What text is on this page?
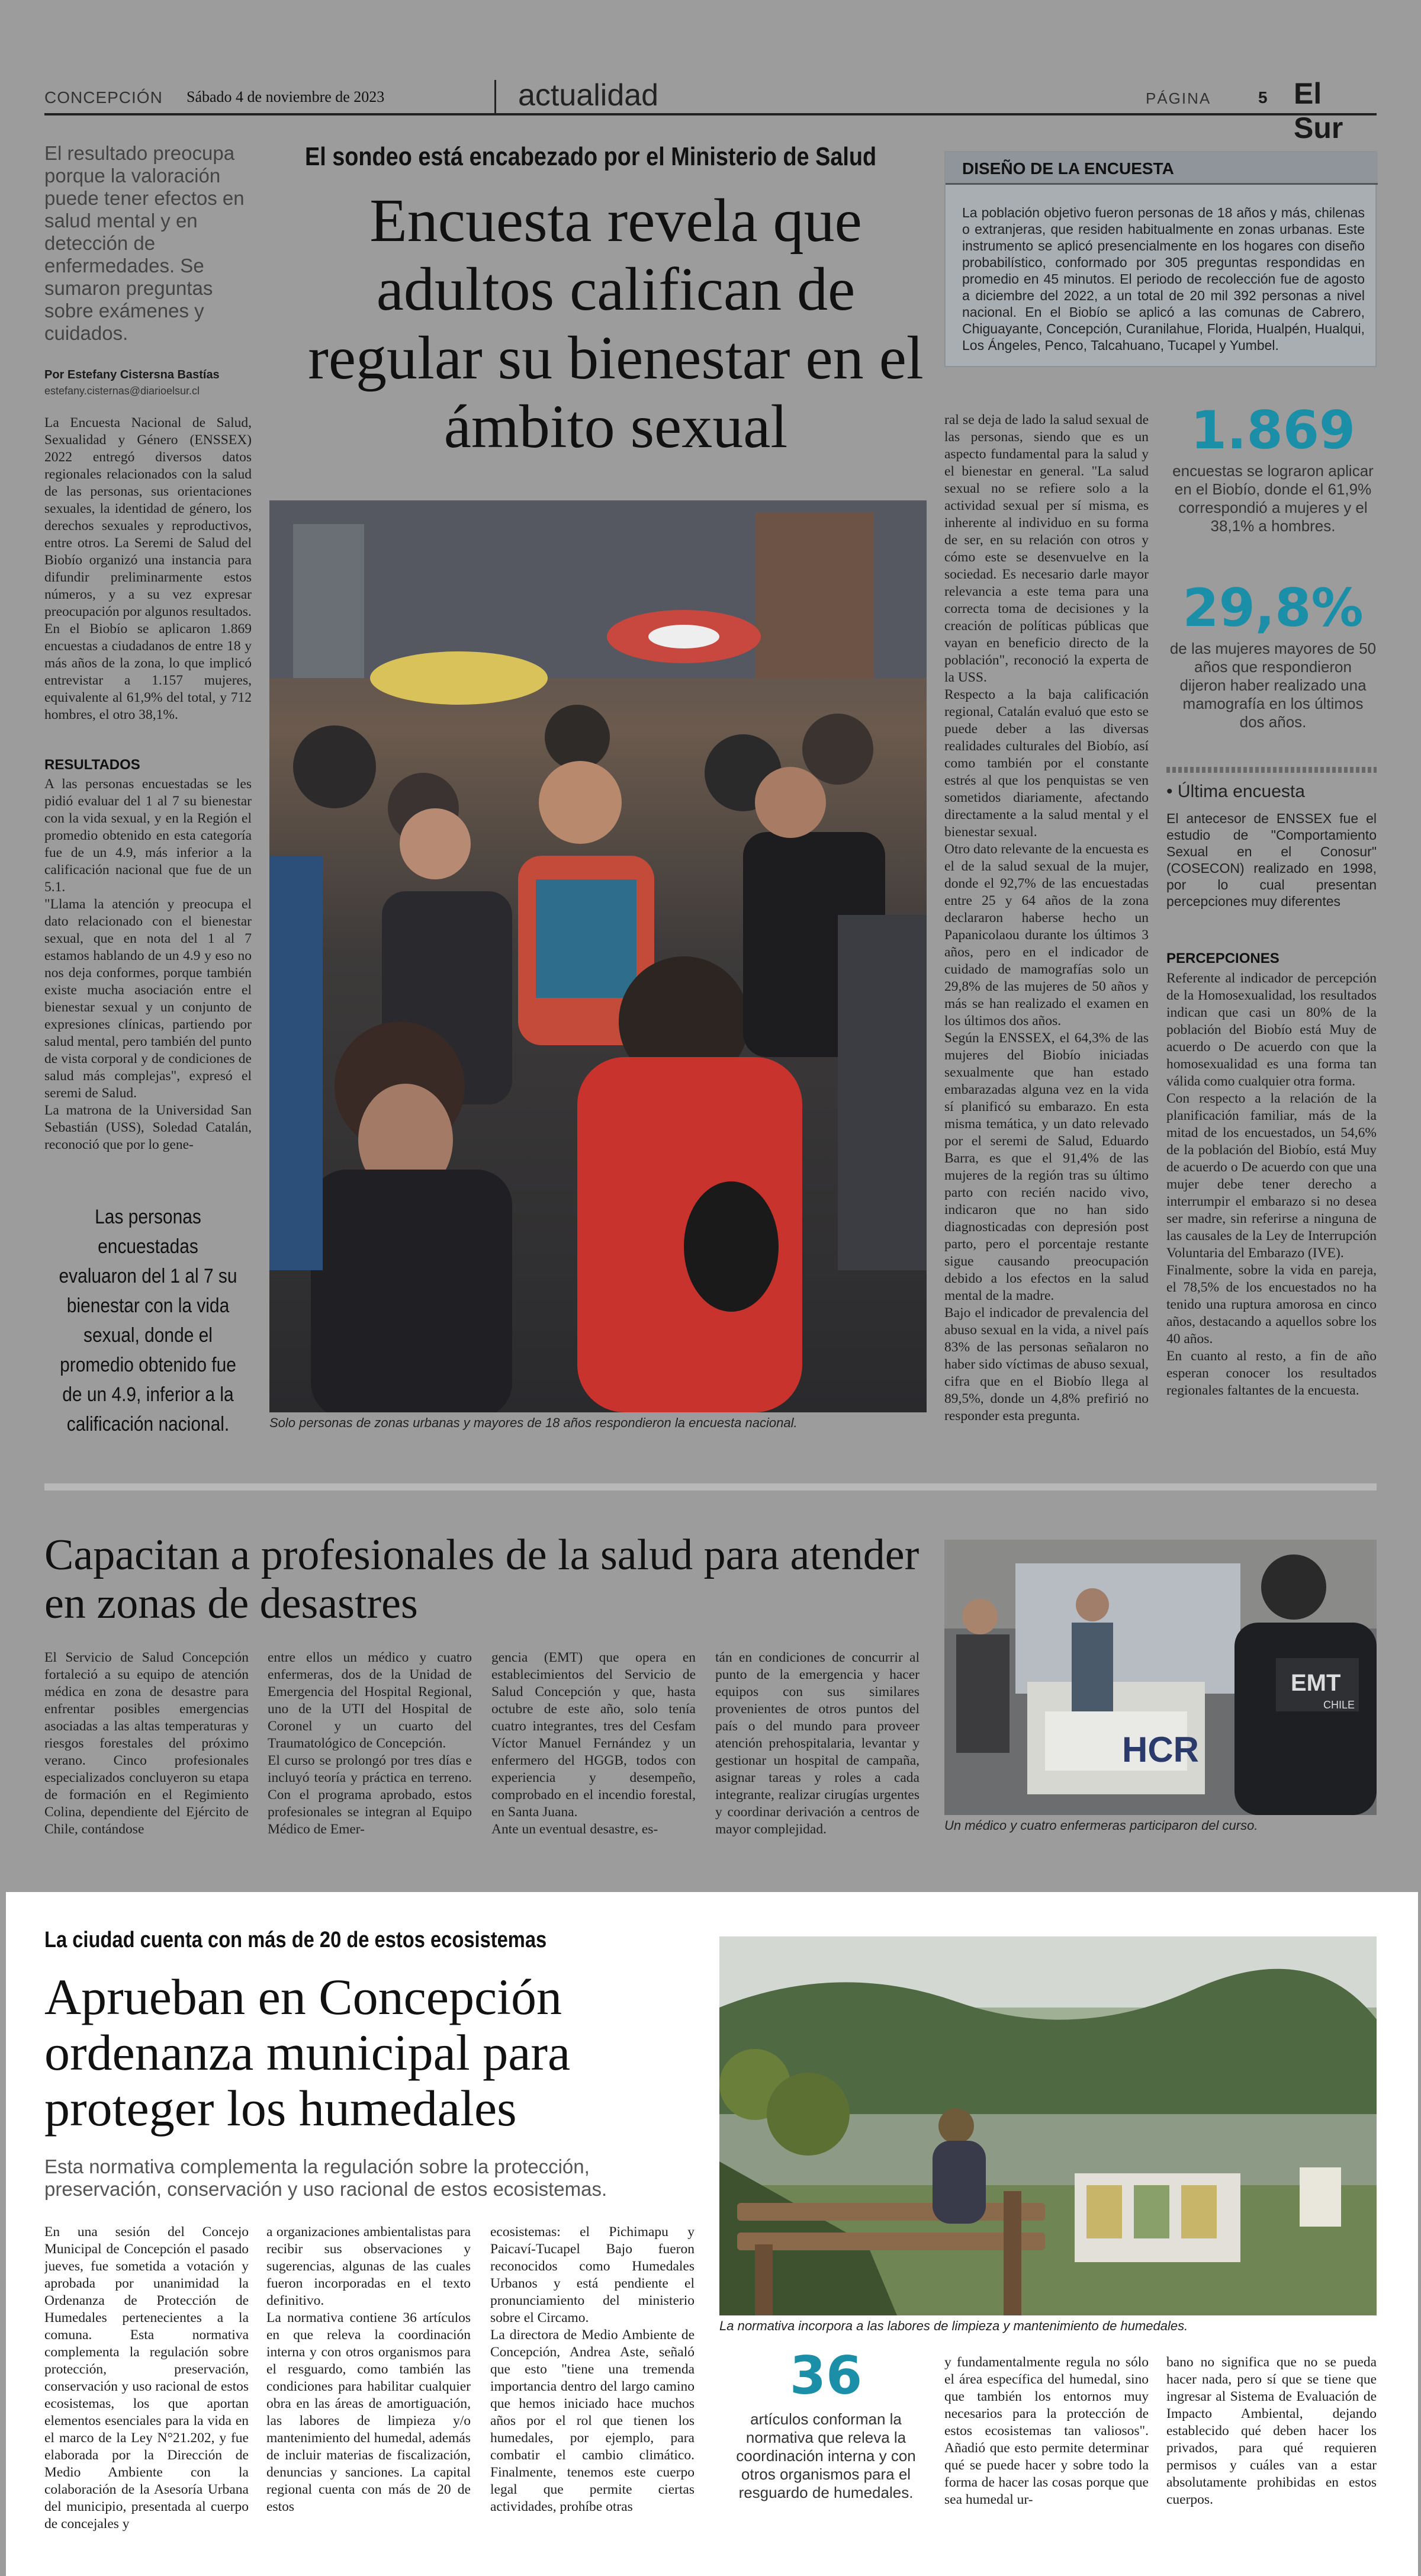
CONCEPCIÓN Sábado 4 de noviembre de 2023	actualidad	PÁGINA	5 El Sur
El resultado preocupa porque la valoración puede tener efectos en salud mental y en detección de enfermedades. Se sumaron preguntas sobre exámenes y cuidados.
El sondeo está encabezado por el Ministerio de Salud
Encuesta revela que adultos califican de regular su bienestar en el ámbito sexual
Por Estefany Cistersna Bastías
estefany.cisternas@diarioelsur.cl
La Encuesta Nacional de Salud, Sexualidad y Género (ENSSEX) 2022 entregó diversos datos regionales relacionados con la salud de las personas, sus orientaciones sexuales, la identidad de género, los derechos sexuales y reproductivos, entre otros. La Seremi de Salud del Biobío organizó una instancia para difundir preliminarmente estos números, y a su vez expresar preocupación por algunos resultados.
En el Biobío se aplicaron 1.869 encuestas a ciudadanos de entre 18 y más años de la zona, lo que implicó entrevistar a 1.157 mujeres, equivalente al 61,9% del total, y 712 hombres, el otro 38,1%.
RESULTADOS
A las personas encuestadas se les pidió evaluar del 1 al 7 su bienestar con la vida sexual, y en la Región el promedio obtenido en esta categoría fue de un 4.9, más inferior a la calificación nacional que fue de un 5.1.
"Llama la atención y preocupa el dato relacionado con el bienestar sexual, que en nota del 1 al 7 estamos hablando de un 4.9 y eso no nos deja conformes, porque también existe mucha asociación entre el bienestar sexual y un conjunto de expresiones clínicas, partiendo por salud mental, pero también del punto de vista corporal y de condiciones de salud más complejas", expresó el seremi de Salud.
La matrona de la Universidad San Sebastián (USS), Soledad Catalán, reconoció que por lo gene-
Las personas encuestadas evaluaron del 1 al 7 su bienestar con la vida sexual, donde el promedio obtenido fue de un 4.9, inferior a la calificación nacional.	Solo personas de zonas urbanas y mayores de 18 años respondieron la encuesta nacional.
ral se deja de lado la salud sexual de las personas, siendo que es un aspecto fundamental para la salud y el bienestar en general. "La salud sexual no se refiere solo a la actividad sexual per sí misma, es inherente al individuo en su forma de ser, en su relación con otros y cómo este se desenvuelve en la sociedad. Es necesario darle mayor relevancia a este tema para una correcta toma de decisiones y la creación de políticas públicas que vayan en beneficio directo de la población", reconoció la experta de la USS.
Respecto a la baja calificación regional, Catalán evaluó que esto se puede deber a las diversas realidades culturales del Biobío, así como también por el constante estrés al que los penquistas se ven sometidos diariamente, afectando directamente a la salud mental y el bienestar sexual.
Otro dato relevante de la encuesta es el de la salud sexual de la mujer, donde el 92,7% de las encuestadas entre 25 y 64 años de la zona declararon haberse hecho un Papanicolaou durante los últimos 3 años, pero en el indicador de cuidado de mamografías solo un 29,8% de las mujeres de 50 años y más se han realizado el examen en los últimos dos años.
Según la ENSSEX, el 64,3% de las mujeres del Biobío iniciadas sexualmente que han estado embarazadas alguna vez en la vida sí planificó su embarazo. En esta misma temática, y un dato relevado por el seremi de Salud, Eduardo Barra, es que el 91,4% de las mujeres de la región tras su último parto con recién nacido vivo, indicaron que no han sido diagnosticadas con depresión post parto, pero el porcentaje restante sigue causando preocupación debido a los efectos en la salud mental de la madre.
Bajo el indicador de prevalencia del abuso sexual en la vida, a nivel país 83% de las personas señalaron no haber sido víctimas de abuso sexual, cifra que en el Biobío llega al 89,5%, donde un 4,8% prefirió no responder esta pregunta.
DISEÑO DE LA ENCUESTA
La población objetivo fueron personas de 18 años y más, chilenas o extranjeras, que residen habitualmente en zonas urbanas. Este instrumento se aplicó presencialmente en los hogares con diseño probabilístico, conformado por 305 preguntas respondidas en promedio en 45 minutos. El periodo de recolección fue de agosto a diciembre del 2022, a un total de 20 mil 392 personas a nivel nacional. En el Biobío se aplicó a las comunas de Cabrero, Chiguayante, Concepción, Curanilahue, Florida, Hualpén, Hualqui, Los Ángeles, Penco, Talcahuano, Tucapel y Yumbel.
1.869
encuestas se lograron aplicar en el Biobío, donde el 61,9% correspondió a mujeres y el 38,1% a hombres.
29,8%
de las mujeres mayores de 50 años que respondieron dijeron haber realizado una mamografía en los últimos dos años.
• Última encuesta
El antecesor de ENSSEX fue el estudio de "Comportamiento Sexual en el Conosur" (COSECON) realizado en 1998, por lo cual presentan percepciones muy diferentes
PERCEPCIONES
Referente al indicador de percepción de la Homosexualidad, los resultados indican que casi un 80% de la población del Biobío está Muy de acuerdo o De acuerdo con que la homosexualidad es una forma tan válida como cualquier otra forma.
Con respecto a la relación de la planificación familiar, más de la mitad de los encuestados, un 54,6% de la población del Biobío, está Muy de acuerdo o De acuerdo con que una mujer debe tener derecho a interrumpir el embarazo si no desea ser madre, sin referirse a ninguna de las causales de la Ley de Interrupción Voluntaria del Embarazo (IVE).
Finalmente, sobre la vida en pareja, el 78,5% de los encuestados no ha tenido una ruptura amorosa en cinco años, destacando a aquellos sobre los 40 años.
En cuanto al resto, a fin de año esperan conocer los resultados regionales faltantes de la encuesta.
Capacitan a profesionales de la salud para atender en zonas de desastres
El Servicio de Salud Concepción fortaleció a su equipo de atención médica en zona de desastre para enfrentar posibles emergencias asociadas a las altas temperaturas y riesgos forestales del próximo verano. Cinco profesionales especializados concluyeron su etapa de formación en el Regimiento Colina, dependiente del Ejército de Chile, contándose
entre ellos un médico y cuatro enfermeras, dos de la Unidad de Emergencia del Hospital Regional, uno de la UTI del Hospital de Coronel y un cuarto del Traumatológico de Concepción.
El curso se prolongó por tres días e incluyó teoría y práctica en terreno. Con el programa aprobado, estos profesionales se integran al Equipo Médico de Emer-
gencia (EMT) que opera en establecimientos del Servicio de Salud Concepción y que, hasta octubre de este año, solo tenía cuatro integrantes, tres del Cesfam Víctor Manuel Fernández y un enfermero del HGGB, todos con experiencia y desempeño, comprobado en el incendio forestal, en Santa Juana.
Ante un eventual desastre, es-
tán en condiciones de concurrir al punto de la emergencia y hacer equipos con sus similares provenientes de otros puntos del país o del mundo para proveer atención prehospitalaria, levantar y gestionar un hospital de campaña, asignar tareas y roles a cada integrante, realizar cirugías urgentes y coordinar derivación a centros de mayor complejidad.
HCR
EMT
CHILE
Un médico y cuatro enfermeras participaron del curso.
La ciudad cuenta con más de 20 de estos ecosistemas
Aprueban en Concepción ordenanza municipal para proteger los humedales
Esta normativa complementa la regulación sobre la protección, preservación, conservación y uso racional de estos ecosistemas.
En una sesión del Concejo Municipal de Concepción el pasado jueves, fue sometida a votación y aprobada por unanimidad la Ordenanza de Protección de Humedales pertenecientes a la comuna. Esta normativa complementa la regulación sobre protección, preservación, conservación y uso racional de estos ecosistemas, los que aportan elementos esenciales para la vida en el marco de la Ley N°21.202, y fue elaborada por la Dirección de Medio Ambiente con la colaboración de la Asesoría Urbana del municipio, presentada al cuerpo de concejales y
a organizaciones ambientalistas para recibir sus observaciones y sugerencias, algunas de las cuales fueron incorporadas en el texto definitivo.
La normativa contiene 36 artículos en que releva la coordinación interna y con otros organismos para el resguardo, como también las condiciones para habilitar cualquier obra en las áreas de amortiguación, las labores de limpieza y/o mantenimiento del humedal, además de incluir materias de fiscalización, denuncias y sanciones. La capital regional cuenta con más de 20 de estos
ecosistemas: el Pichimapu y Paicaví-Tucapel Bajo fueron reconocidos como Humedales Urbanos y está pendiente el pronunciamiento del ministerio sobre el Circamo.
La directora de Medio Ambiente de Concepción, Andrea Aste, señaló que esto "tiene una tremenda importancia dentro del largo camino que hemos iniciado hace muchos años por el rol que tienen los humedales, por ejemplo, para combatir el cambio climático. Finalmente, tenemos este cuerpo legal que permite ciertas actividades, prohíbe otras
La normativa incorpora a las labores de limpieza y mantenimiento de humedales.
36
artículos conforman la normativa que releva la coordinación interna y con otros organismos para el resguardo de humedales.
y fundamentalmente regula no sólo el área específica del humedal, sino que también los entornos muy necesarios para la protección de estos ecosistemas tan valiosos". Añadió que esto permite determinar qué se puede hacer y sobre todo la forma de hacer las cosas porque que sea humedal ur-
bano no significa que no se pueda hacer nada, pero sí que se tiene que ingresar al Sistema de Evaluación de Impacto Ambiental, dejando establecido qué deben hacer los privados, para qué requieren permisos y cuáles van a estar absolutamente prohibidas en estos cuerpos.
